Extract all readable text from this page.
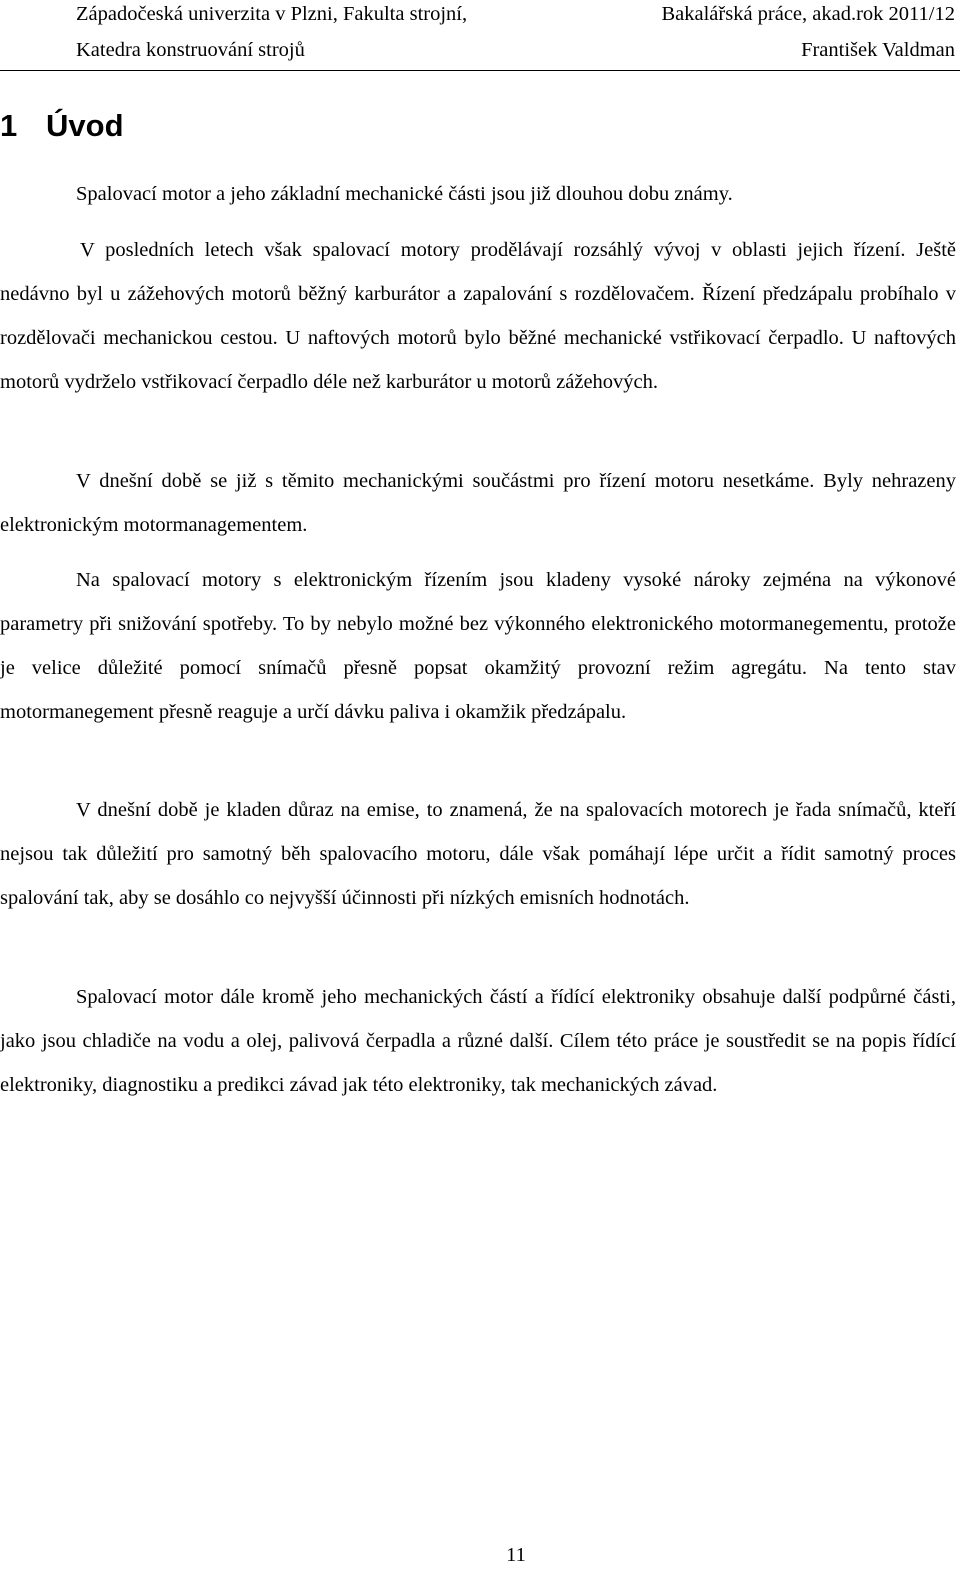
Západočeská univerzita v Plzni, Fakulta strojní,	Bakalářská práce, akad.rok 2011/12
Katedra konstruování strojů	František Valdman
1 Úvod

Spalovací motor a jeho základní mechanické části jsou již dlouhou dobu známy.

V posledních letech však spalovací motory prodělávají rozsáhlý vývoj v oblasti jejich řízení. Ještě nedávno byl u zážehových motorů běžný karburátor a zapalování s rozdělovačem. Řízení předzápalu probíhalo v rozdělovači mechanickou cestou. U naftových motorů bylo běžné mechanické vstřikovací čerpadlo. U naftových motorů vydrželo vstřikovací čerpadlo déle než karburátor u motorů zážehových.

V dnešní době se již s těmito mechanickými součástmi pro řízení motoru nesetkáme. Byly nehrazeny elektronickým motormanagementem.

Na spalovací motory s elektronickým řízením jsou kladeny vysoké nároky zejména na výkonové parametry při snižování spotřeby. To by nebylo možné bez výkonného elektronického motormanegementu, protože je velice důležité pomocí snímačů přesně popsat okamžitý provozní režim agregátu. Na tento stav motormanegement přesně reaguje a určí dávku paliva i okamžik předzápalu.

V dnešní době je kladen důraz na emise, to znamená, že na spalovacích motorech je řada snímačů, kteří nejsou tak důležití pro samotný běh spalovacího motoru, dále však pomáhají lépe určit a řídit samotný proces spalování tak, aby se dosáhlo co nejvyšší účinnosti při nízkých emisních hodnotách.

Spalovací motor dále kromě jeho mechanických částí a řídící elektroniky obsahuje další podpůrné části, jako jsou chladiče na vodu a olej, palivová čerpadla a různé další. Cílem této práce je soustředit se na popis řídící elektroniky, diagnostiku a predikci závad jak této elektroniky, tak mechanických závad.

11
